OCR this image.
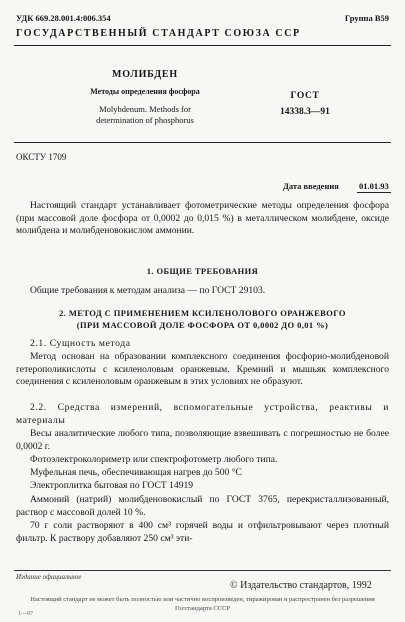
УДК 669.28.001.4:006.354	Группа В59
ГОСУДАРСТВЕННЫЙ СТАНДАРТ СОЮЗА ССР
МОЛИБДЕН
Методы определения фосфора
Molybdenum. Methods for
determination of phosphorus
ГОСТ
14338.3—91
ОКСТУ 1709
Дата введения 01.01.93
Настоящий стандарт устанавливает фотометрические методы определения фосфора (при массовой доле фосфора от 0,0002 до 0,015 %) в металлическом молибдене, оксиде молибдена и молибденовокислом аммонии.
1. ОБЩИЕ ТРЕБОВАНИЯ
Общие требования к методам анализа — по ГОСТ 29103.
2. МЕТОД С ПРИМЕНЕНИЕМ КСИЛЕНОЛОВОГО ОРАНЖЕВОГО
(ПРИ МАССОВОЙ ДОЛЕ ФОСФОРА ОТ 0,0002 ДО 0,01 %)
2.1. Сущность метода
Метод основан на образовании комплексного соединения фосфорно-молибденовой гетерополикислоты с ксиленоловым оранжевым. Кремний и мышьяк комплексного соединения с ксиленоловым оранжевым в этих условиях не образуют.
2.2. Средства измерений, вспомогательные устройства, реактивы и материалы
Весы аналитические любого типа, позволяющие взвешивать с погрешностью не более 0,0002 г.
Фотоэлектроколориметр или спектрофотометр любого типа.
Муфельная печь, обеспечивающая нагрев до 500 °С
Электроплитка бытовая по ГОСТ 14919
Аммоний (натрий) молибденовокислый по ГОСТ 3765, перекристаллизованный, раствор с массовой долей 10 %.
70 г соли растворяют в 400 см³ горячей воды и отфильтровывают через плотный фильтр. К раствору добавляют 250 см³ эти-
Издание официальное
© Издательство стандартов, 1992
Настоящий стандарт не может быть полностью или частично воспроизведен, тиражирован и распространен без разрешения Госстандарта СССР
1—97
